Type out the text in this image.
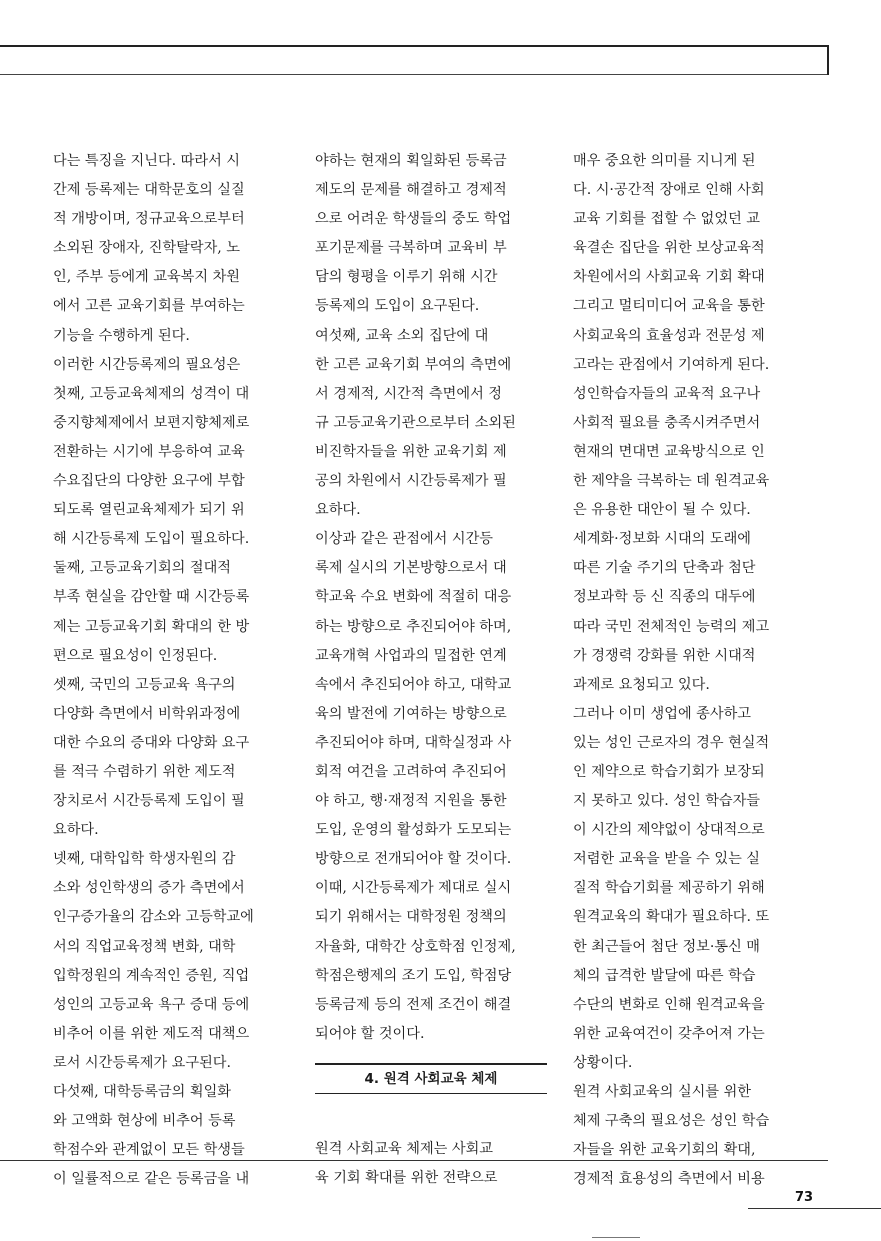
다는 특징을 지닌다. 따라서 시

간제 등록제는 대학문호의 실질

적 개방이며, 정규교육으로부터

소외된 장애자, 진학탈락자, 노

인, 주부 등에게 교육복지 차원

에서 고른 교육기회를 부여하는

기능을 수행하게 된다.

이러한 시간등록제의 필요성은

첫째, 고등교육체제의 성격이 대

중지향체제에서 보편지향체제로

전환하는 시기에 부응하여 교육

수요집단의 다양한 요구에 부합

되도록 열린교육체제가 되기 위

해 시간등록제 도입이 필요하다.

둘째, 고등교육기회의 절대적

부족 현실을 감안할 때 시간등록

제는 고등교육기회 확대의 한 방

편으로 필요성이 인정된다.

셋째, 국민의 고등교육 욕구의

다양화 측면에서 비학위과정에

대한 수요의 증대와 다양화 요구

를 적극 수렴하기 위한 제도적

장치로서 시간등록제 도입이 필

요하다.

넷째, 대학입학 학생자원의 감

소와 성인학생의 증가 측면에서

인구증가율의 감소와 고등학교에

서의 직업교육정책 변화, 대학

입학정원의 계속적인 증원, 직업

성인의 고등교육 욕구 증대 등에

비추어 이를 위한 제도적 대책으

로서 시간등록제가 요구된다.

다섯째, 대학등록금의 획일화

와 고액화 현상에 비추어 등록

학점수와 관계없이 모든 학생들

이 일률적으로 같은 등록금을 내

야하는 현재의 획일화된 등록금

제도의 문제를 해결하고 경제적

으로 어려운 학생들의 중도 학업

포기문제를 극복하며 교육비 부

담의 형평을 이루기 위해 시간

등록제의 도입이 요구된다.

여섯째, 교육 소외 집단에 대

한 고른 교육기회 부여의 측면에

서 경제적, 시간적 측면에서 정

규 고등교육기관으로부터 소외된

비진학자들을 위한 교육기회 제

공의 차원에서 시간등록제가 필

요하다.

이상과 같은 관점에서 시간등

록제 실시의 기본방향으로서 대

학교육 수요 변화에 적절히 대응

하는 방향으로 추진되어야 하며,

교육개혁 사업과의 밀접한 연계

속에서 추진되어야 하고, 대학교

육의 발전에 기여하는 방향으로

추진되어야 하며, 대학실정과 사

회적 여건을 고려하여 추진되어

야 하고, 행·재정적 지원을 통한

도입, 운영의 활성화가 도모되는

방향으로 전개되어야 할 것이다.

이때, 시간등록제가 제대로 실시

되기 위해서는 대학정원 정책의

자율화, 대학간 상호학점 인정제,

학점은행제의 조기 도입, 학점당

등록금제 등의 전제 조건이 해결

되어야 할 것이다.

4. 원격 사회교육 체제

원격 사회교육 체제는 사회교

육 기회 확대를 위한 전략으로

매우 중요한 의미를 지니게 된

다. 시·공간적 장애로 인해 사회

교육 기회를 접할 수 없었던 교

육결손 집단을 위한 보상교육적

차원에서의 사회교육 기회 확대

그리고 멀티미디어 교육을 통한

사회교육의 효율성과 전문성 제

고라는 관점에서 기여하게 된다.

성인학습자들의 교육적 요구나

사회적 필요를 충족시켜주면서

현재의 면대면 교육방식으로 인

한 제약을 극복하는 데 원격교육

은 유용한 대안이 될 수 있다.

세계화·정보화 시대의 도래에

따른 기술 주기의 단축과 첨단

정보과학 등 신 직종의 대두에

따라 국민 전체적인 능력의 제고

가 경쟁력 강화를 위한 시대적

과제로 요청되고 있다.

그러나 이미 생업에 종사하고

있는 성인 근로자의 경우 현실적

인 제약으로 학습기회가 보장되

지 못하고 있다. 성인 학습자들

이 시간의 제약없이 상대적으로

저렴한 교육을 받을 수 있는 실

질적 학습기회를 제공하기 위해

원격교육의 확대가 필요하다. 또

한 최근들어 첨단 정보·통신 매

체의 급격한 발달에 따른 학습

수단의 변화로 인해 원격교육을

위한 교육여건이 갖추어져 가는

상황이다.

원격 사회교육의 실시를 위한

체제 구축의 필요성은 성인 학습

자들을 위한 교육기회의 확대,

경제적 효용성의 측면에서 비용

73
